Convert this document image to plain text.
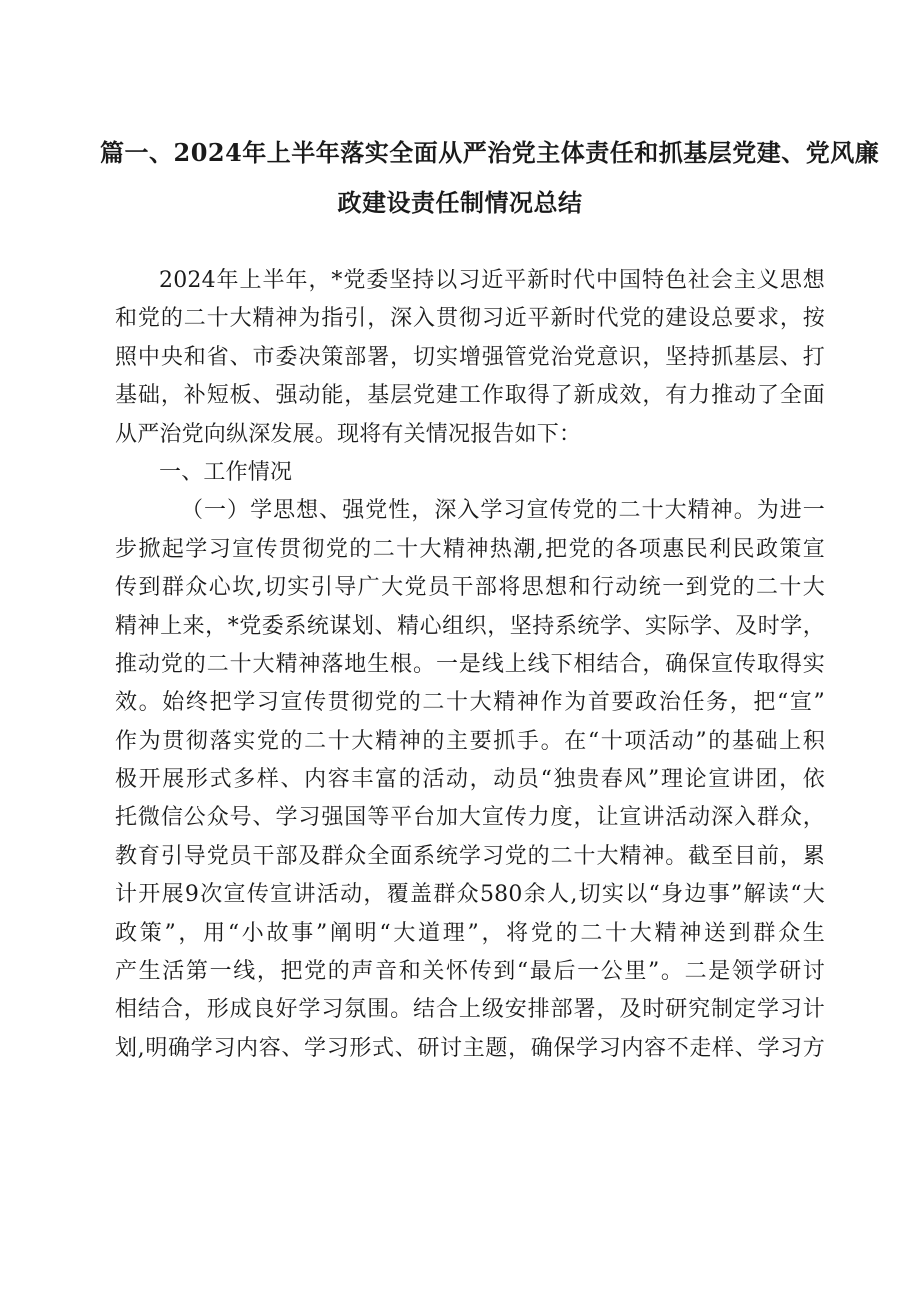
篇一、2024年上半年落实全面从严治党主体责任和抓基层党建、党风廉
政建设责任制情况总结
2024年上半年，*党委坚持以习近平新时代中国特色社会主义思想
和党的二十大精神为指引，深入贯彻习近平新时代党的建设总要求，按
照中央和省、市委决策部署，切实增强管党治党意识，坚持抓基层、打
基础，补短板、强动能，基层党建工作取得了新成效，有力推动了全面
从严治党向纵深发展。现将有关情况报告如下：
一、工作情况
（一）学思想、强党性，深入学习宣传党的二十大精神。为进一
步掀起学习宣传贯彻党的二十大精神热潮,把党的各项惠民利民政策宣
传到群众心坎,切实引导广大党员干部将思想和行动统一到党的二十大
精神上来，*党委系统谋划、精心组织，坚持系统学、实际学、及时学，
推动党的二十大精神落地生根。一是线上线下相结合，确保宣传取得实
效。始终把学习宣传贯彻党的二十大精神作为首要政治任务，把“宣”
作为贯彻落实党的二十大精神的主要抓手。在“十项活动”的基础上积
极开展形式多样、内容丰富的活动，动员“独贵春风”理论宣讲团，依
托微信公众号、学习强国等平台加大宣传力度，让宣讲活动深入群众，
教育引导党员干部及群众全面系统学习党的二十大精神。截至目前，累
计开展9次宣传宣讲活动，覆盖群众580余人,切实以“身边事”解读“大
政策”，用“小故事”阐明“大道理”，将党的二十大精神送到群众生
产生活第一线，把党的声音和关怀传到“最后一公里”。二是领学研讨
相结合，形成良好学习氛围。结合上级安排部署，及时研究制定学习计
划,明确学习内容、学习形式、研讨主题，确保学习内容不走样、学习方
